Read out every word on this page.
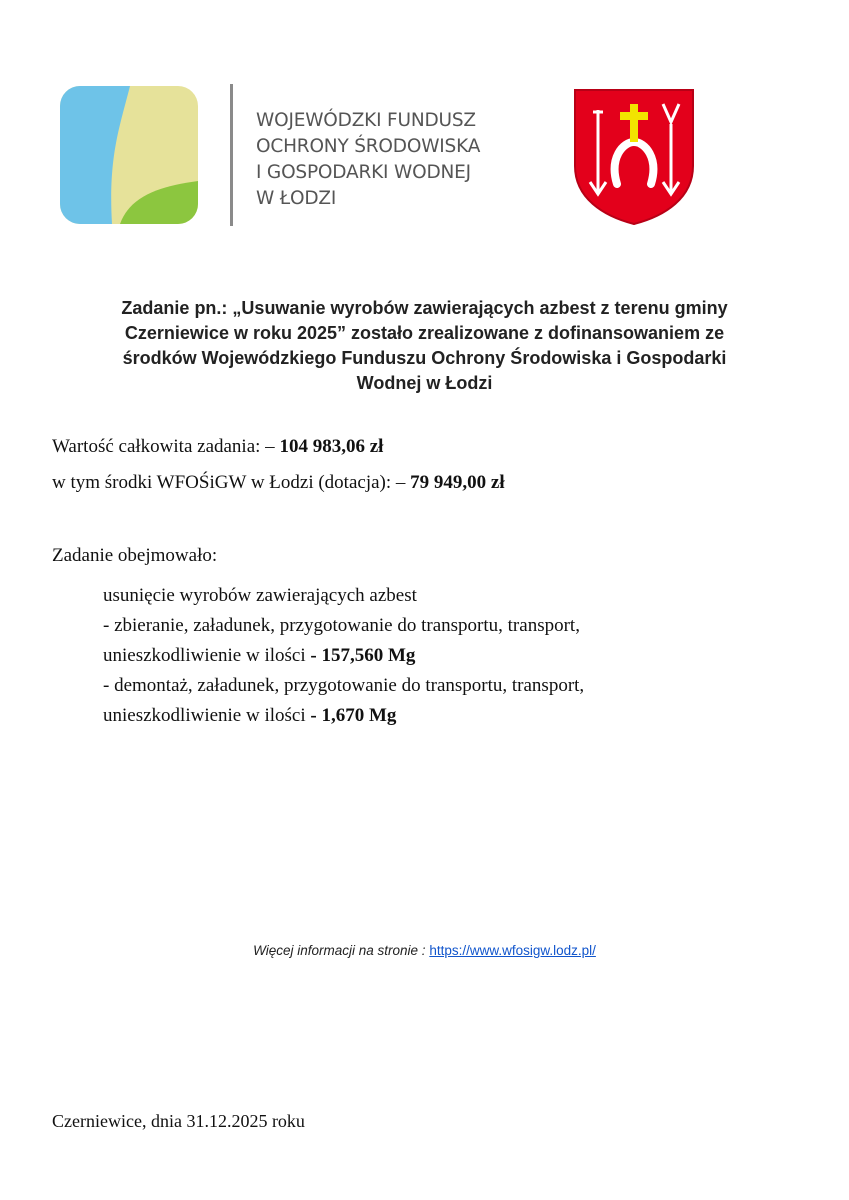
WOJEWÓDZKI FUNDUSZ
OCHRONY ŚRODOWISKA
I GOSPODARKI WODNEJ
W ŁODZI
Zadanie pn.: „Usuwanie wyrobów zawierających azbest z terenu gminy
Czerniewice w roku 2025” zostało zrealizowane z dofinansowaniem ze
środków Wojewódzkiego Funduszu Ochrony Środowiska i Gospodarki
Wodnej w Łodzi
Wartość całkowita zadania: – 104 983,06 zł
w tym środki WFOŚiGW w Łodzi (dotacja): – 79 949,00 zł
Zadanie obejmowało:
usunięcie wyrobów zawierających azbest
- zbieranie, załadunek, przygotowanie do transportu, transport,
unieszkodliwienie w ilości - 157,560 Mg
- demontaż, załadunek, przygotowanie do transportu, transport,
unieszkodliwienie w ilości - 1,670 Mg
Więcej informacji na stronie : https://www.wfosigw.lodz.pl/
Czerniewice, dnia 31.12.2025 roku
